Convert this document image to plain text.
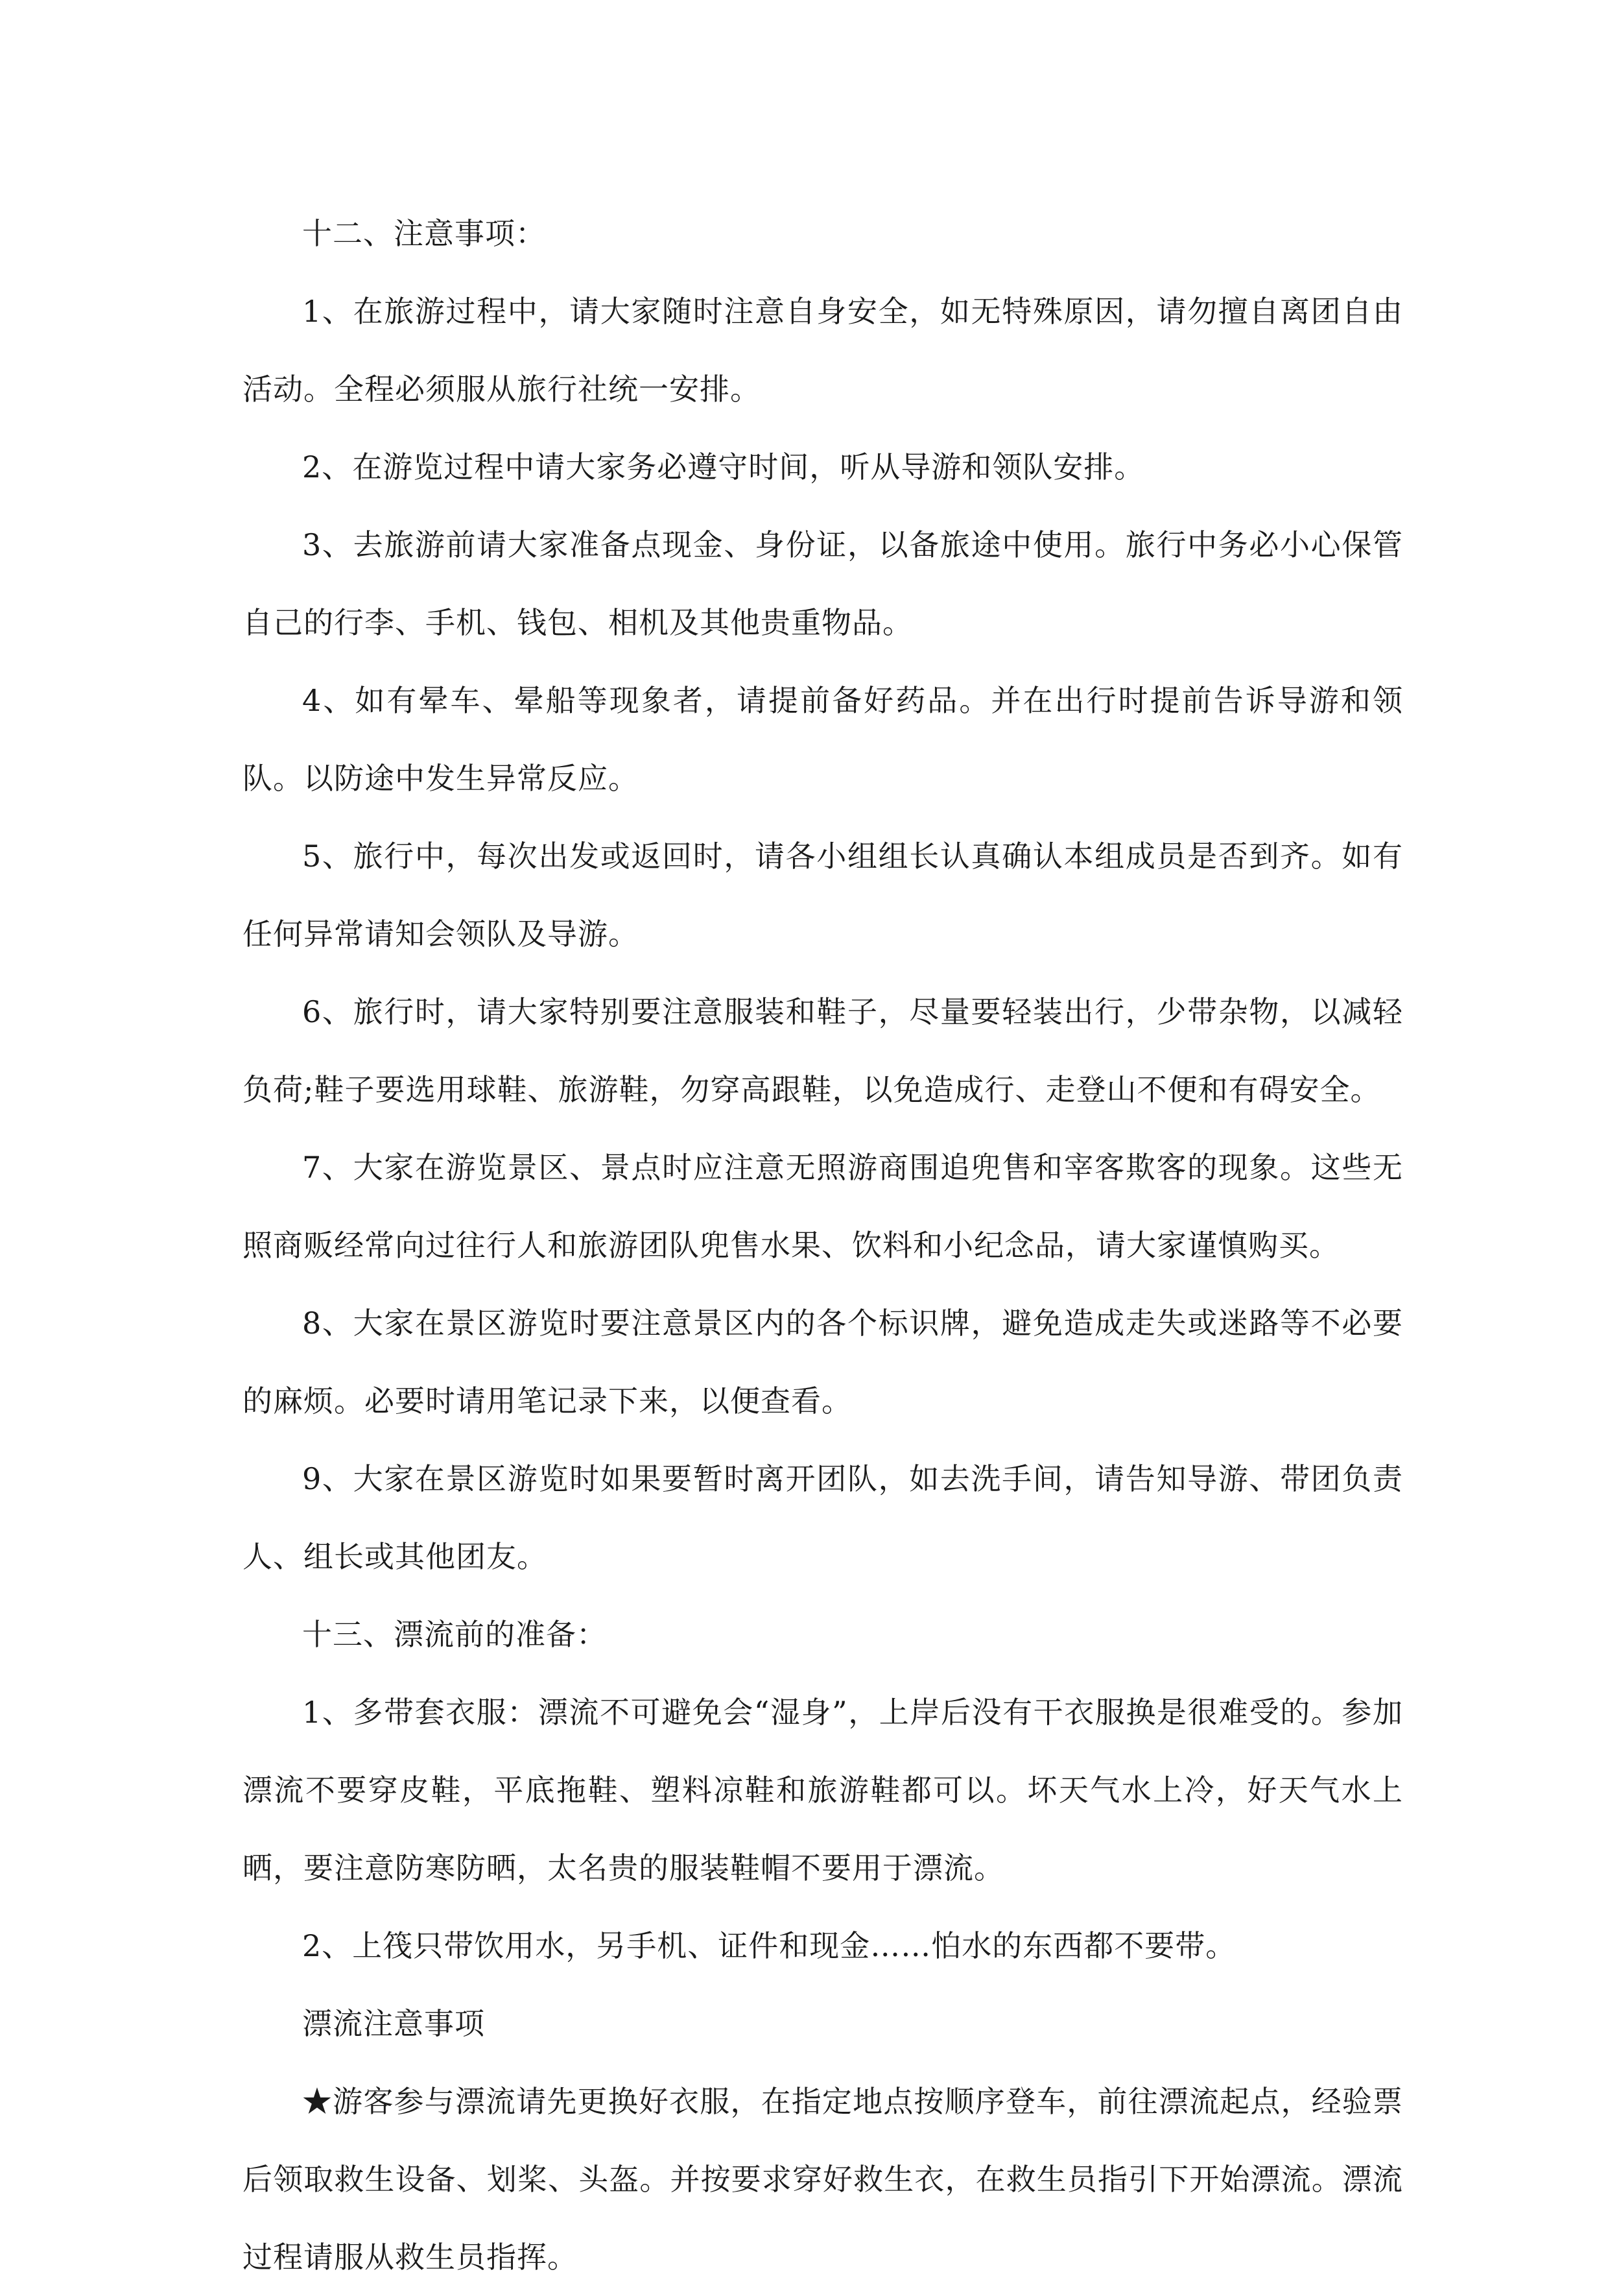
十二、注意事项：

1、在旅游过程中，请大家随时注意自身安全，如无特殊原因，请勿擅自离团自由活动。全程必须服从旅行社统一安排。

2、在游览过程中请大家务必遵守时间，听从导游和领队安排。

3、去旅游前请大家准备点现金、身份证，以备旅途中使用。旅行中务必小心保管自己的行李、手机、钱包、相机及其他贵重物品。

4、如有晕车、晕船等现象者，请提前备好药品。并在出行时提前告诉导游和领队。以防途中发生异常反应。

5、旅行中，每次出发或返回时，请各小组组长认真确认本组成员是否到齐。如有任何异常请知会领队及导游。

6、旅行时，请大家特别要注意服装和鞋子，尽量要轻装出行，少带杂物，以减轻负荷;鞋子要选用球鞋、旅游鞋，勿穿高跟鞋，以免造成行、走登山不便和有碍安全。

7、大家在游览景区、景点时应注意无照游商围追兜售和宰客欺客的现象。这些无照商贩经常向过往行人和旅游团队兜售水果、饮料和小纪念品，请大家谨慎购买。

8、大家在景区游览时要注意景区内的各个标识牌，避免造成走失或迷路等不必要的麻烦。必要时请用笔记录下来，以便查看。

9、大家在景区游览时如果要暂时离开团队，如去洗手间，请告知导游、带团负责人、组长或其他团友。

十三、漂流前的准备：

1、多带套衣服：漂流不可避免会“湿身”，上岸后没有干衣服换是很难受的。参加漂流不要穿皮鞋，平底拖鞋、塑料凉鞋和旅游鞋都可以。坏天气水上冷，好天气水上晒，要注意防寒防晒，太名贵的服装鞋帽不要用于漂流。

2、上筏只带饮用水，另手机、证件和现金……怕水的东西都不要带。

漂流注意事项

★游客参与漂流请先更换好衣服，在指定地点按顺序登车，前往漂流起点，经验票后领取救生设备、划桨、头盔。并按要求穿好救生衣，在救生员指引下开始漂流。漂流过程请服从救生员指挥。
